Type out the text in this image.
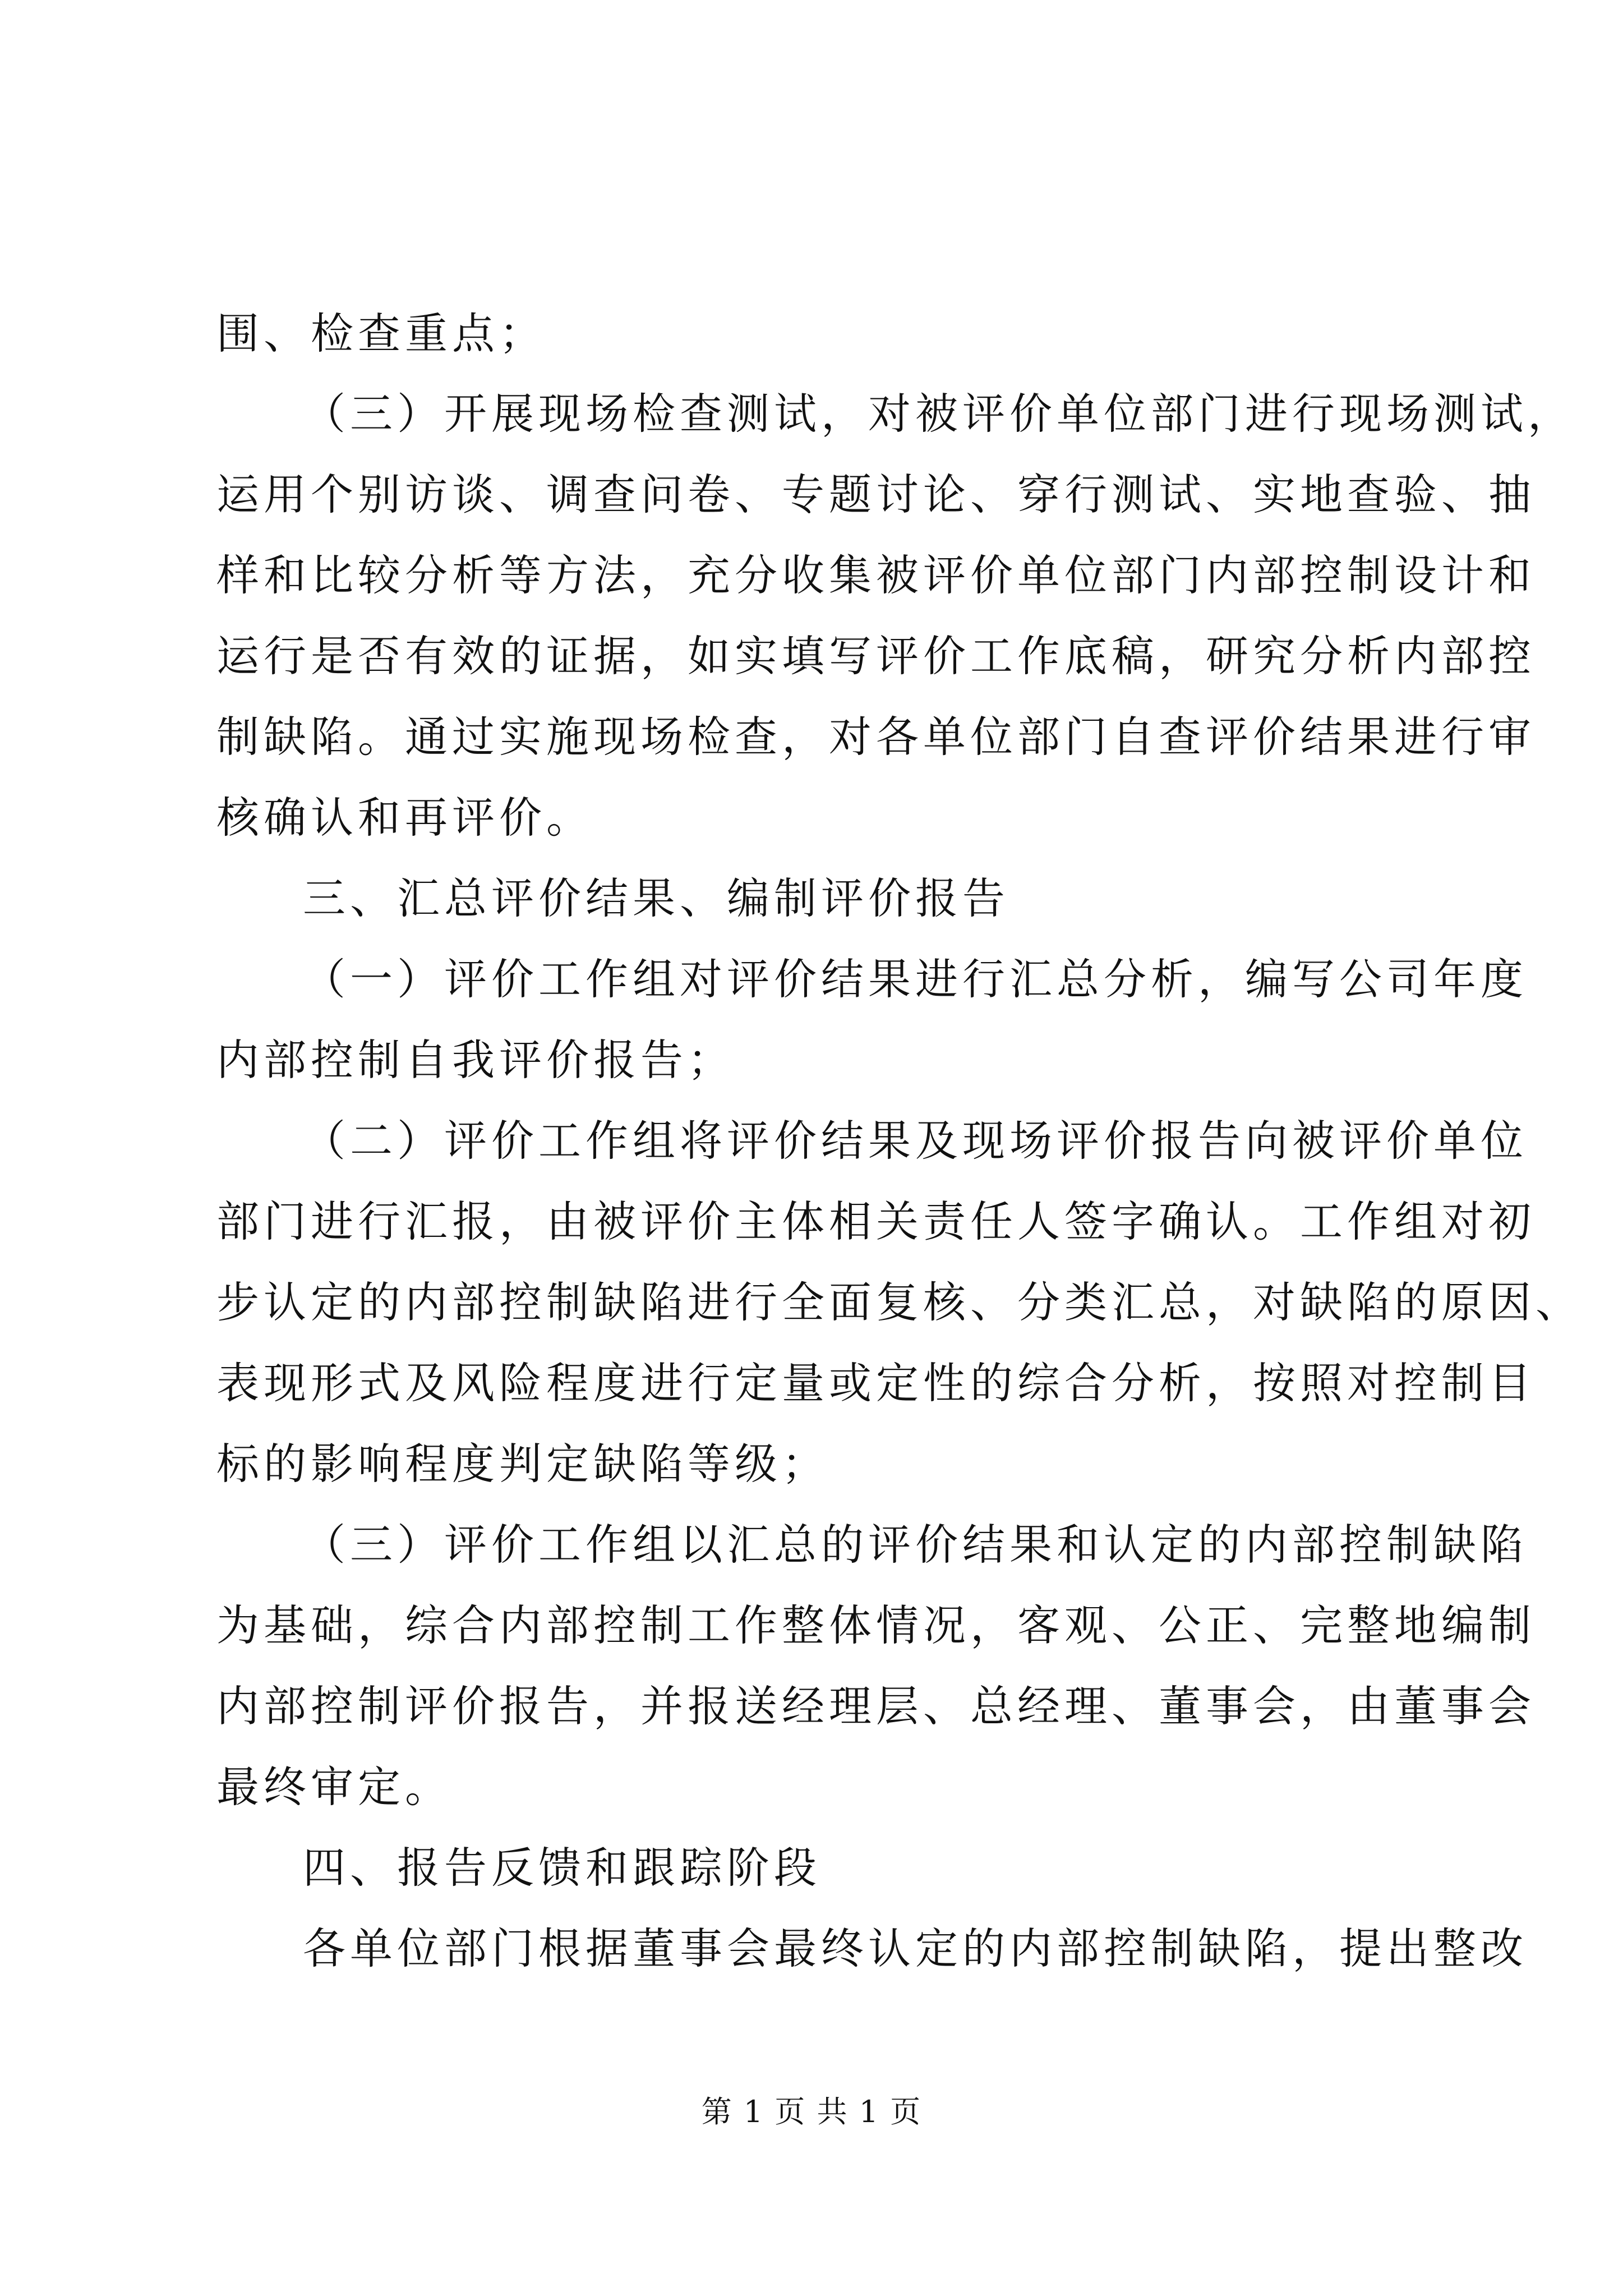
围、检查重点；
（三）开展现场检查测试，对被评价单位部门进行现场测试，
运用个别访谈、调查问卷、专题讨论、穿行测试、实地查验、抽
样和比较分析等方法，充分收集被评价单位部门内部控制设计和
运行是否有效的证据，如实填写评价工作底稿，研究分析内部控
制缺陷。通过实施现场检查，对各单位部门自查评价结果进行审
核确认和再评价。
三、汇总评价结果、编制评价报告
（一）评价工作组对评价结果进行汇总分析，编写公司年度
内部控制自我评价报告；
（二）评价工作组将评价结果及现场评价报告向被评价单位
部门进行汇报，由被评价主体相关责任人签字确认。工作组对初
步认定的内部控制缺陷进行全面复核、分类汇总，对缺陷的原因、
表现形式及风险程度进行定量或定性的综合分析，按照对控制目
标的影响程度判定缺陷等级；
（三）评价工作组以汇总的评价结果和认定的内部控制缺陷
为基础，综合内部控制工作整体情况，客观、公正、完整地编制
内部控制评价报告，并报送经理层、总经理、董事会，由董事会
最终审定。
四、报告反馈和跟踪阶段
各单位部门根据董事会最终认定的内部控制缺陷，提出整改
第 1 页 共 1 页
